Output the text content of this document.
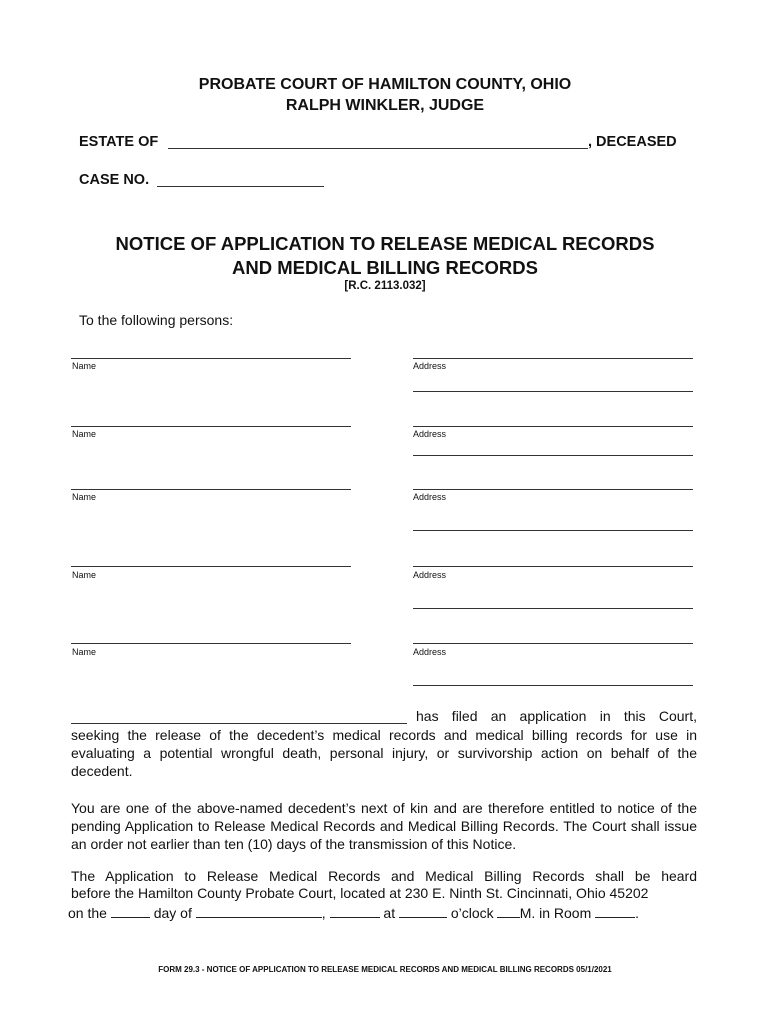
PROBATE COURT OF HAMILTON COUNTY, OHIO
RALPH WINKLER, JUDGE
ESTATE OF	, DECEASED
CASE NO.
NOTICE OF APPLICATION TO RELEASE MEDICAL RECORDS
AND MEDICAL BILLING RECORDS
[R.C. 2113.032]
To the following persons:
Name	Address
Name	Address
Name	Address
Name	Address
Name	Address
has filed an application in this Court,
seeking the release of the decedent’s medical records and medical billing records for use in evaluating a potential wrongful death, personal injury, or survivorship action on behalf of the decedent.
You are one of the above-named decedent’s next of kin and are therefore entitled to notice of the pending Application to Release Medical Records and Medical Billing Records. The Court shall issue an order not earlier than ten (10) days of the transmission of this Notice.
The Application to Release Medical Records and Medical Billing Records shall be heard
before the Hamilton County Probate Court, located at 230 E. Ninth St. Cincinnati, Ohio 45202
on the	day of	,	at	o’clock M. in Room	.
FORM 29.3 - NOTICE OF APPLICATION TO RELEASE MEDICAL RECORDS AND MEDICAL BILLING RECORDS 05/1/2021
